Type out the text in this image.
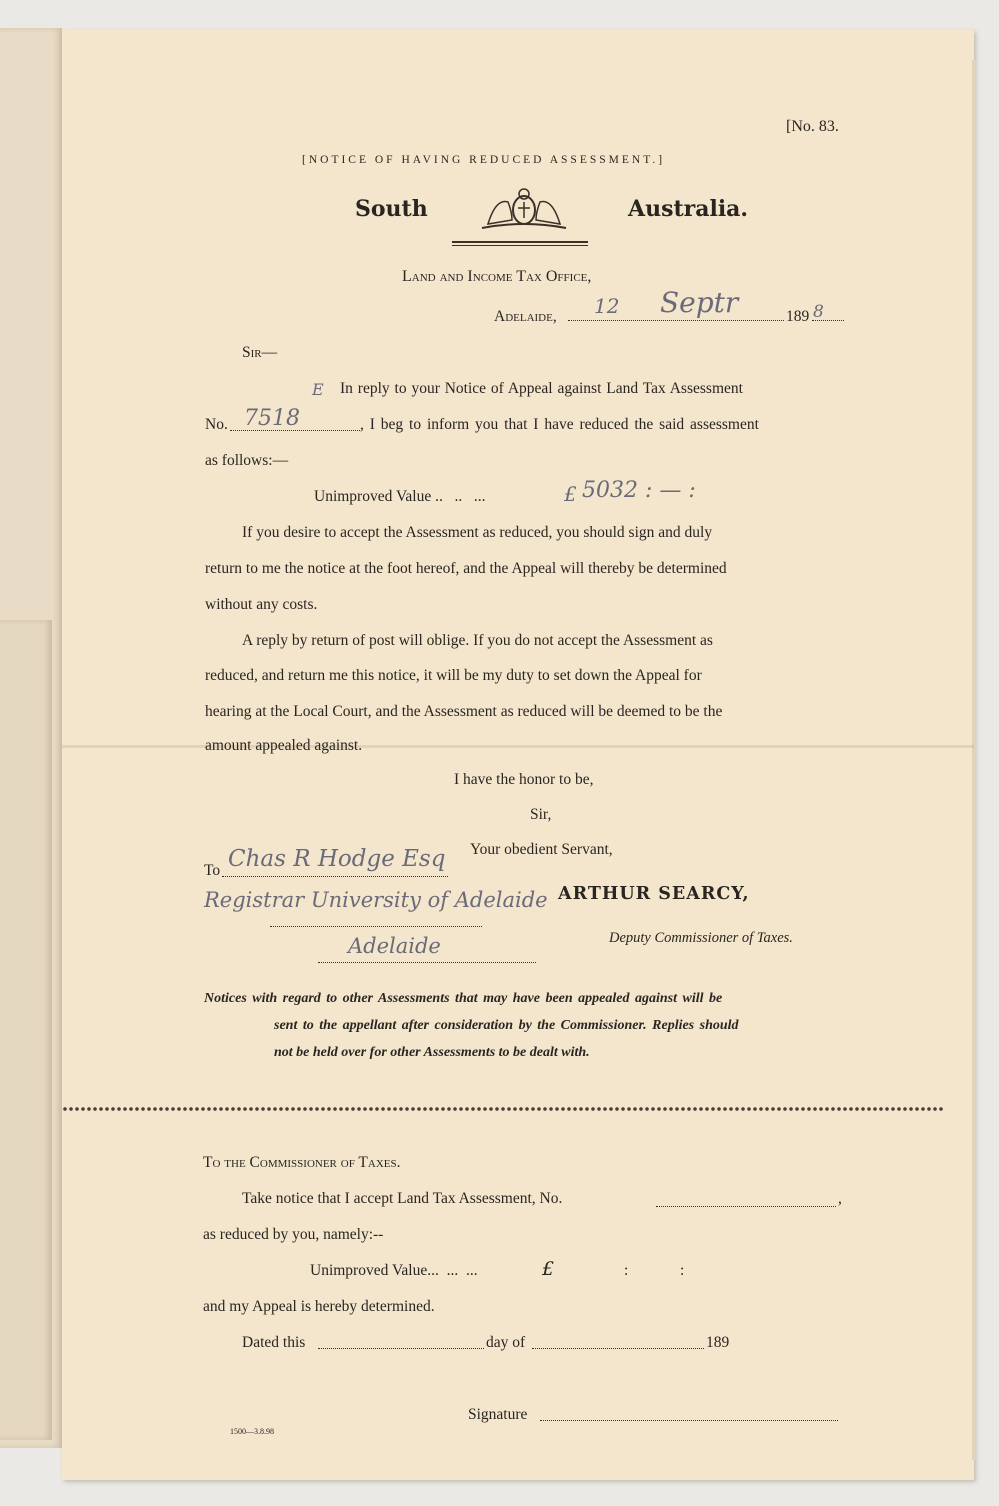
[No. 83.
[NOTICE OF HAVING REDUCED ASSESSMENT.]
South	Australia.
Land and Income Tax Office,
Adelaide, 12 Septr	189 8
Sir—
E In reply to your Notice of Appeal against Land Tax Assessment
No. 7518	, I beg to inform you that I have reduced the said assessment
as follows:—
Unimproved Value ..   ..   ...	£ 5032 : — :
If you desire to accept the Assessment as reduced, you should sign and duly
return to me the notice at the foot hereof, and the Appeal will thereby be determined
without any costs.
A reply by return of post will oblige. If you do not accept the Assessment as
reduced, and return me this notice, it will be my duty to set down the Appeal for
hearing at the Local Court, and the Assessment as reduced will be deemed to be the
amount appealed against.
I have the honor to be,
Sir,
Your obedient Servant,
To Chas R Hodge Esq
Registrar University of Adelaide
Adelaide
ARTHUR SEARCY,
Deputy Commissioner of Taxes.
Notices with regard to other Assessments that may have been appealed against will be
sent to the appellant after consideration by the Commissioner. Replies should
not be held over for other Assessments to be dealt with.
To the Commissioner of Taxes.
Take notice that I accept Land Tax Assessment, No.	,
as reduced by you, namely:--
Unimproved Value...  ...  ...	£	:	:
and my Appeal is hereby determined.
Dated this	day of	189
Signature
1500—3.8.98
